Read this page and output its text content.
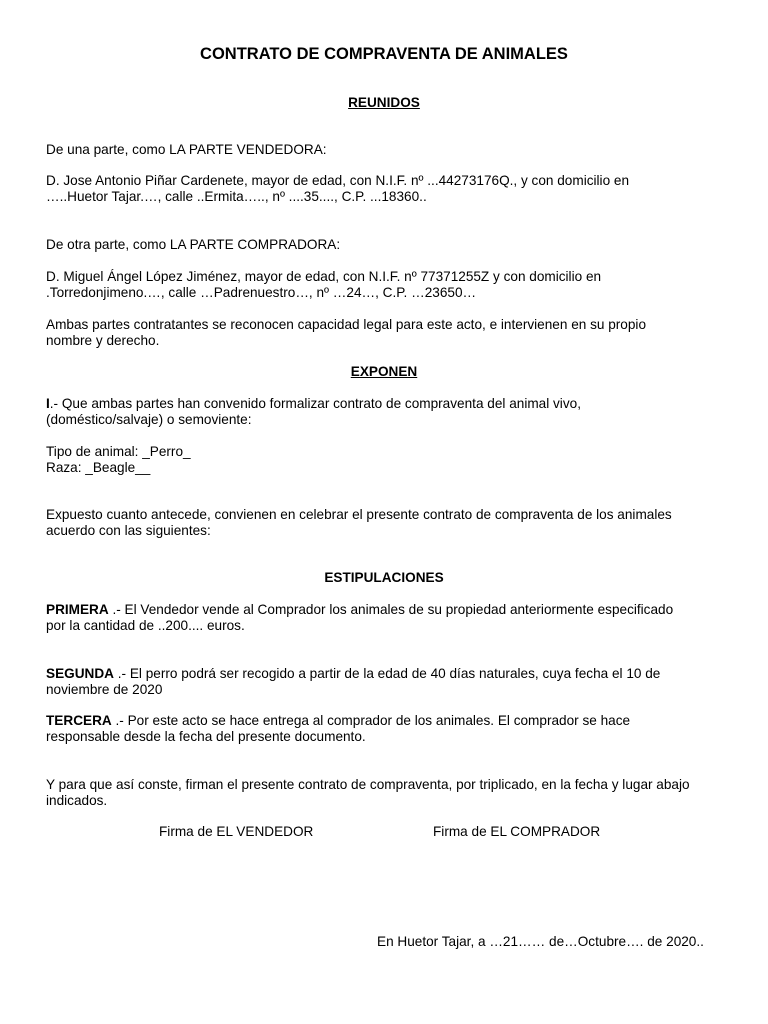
CONTRATO DE COMPRAVENTA DE ANIMALES
REUNIDOS
De una parte, como LA PARTE VENDEDORA:
D. Jose Antonio Piñar Cardenete, mayor de edad, con N.I.F. nº ...44273176Q., y con domicilio en
…..Huetor Tajar.…, calle ..Ermita….., nº ....35...., C.P. ...18360..
De otra parte, como LA PARTE COMPRADORA:
D. Miguel Ángel López Jiménez, mayor de edad, con N.I.F. nº 77371255Z y con domicilio en
.Torredonjimeno.…, calle …Padrenuestro…, nº …24…, C.P. …23650…
Ambas partes contratantes se reconocen capacidad legal para este acto, e intervienen en su propio
nombre y derecho.
EXPONEN
I.- Que ambas partes han convenido formalizar contrato de compraventa del animal vivo,
(doméstico/salvaje) o semoviente:
Tipo de animal: _Perro_
Raza: _Beagle__
Expuesto cuanto antecede, convienen en celebrar el presente contrato de compraventa de los animales
acuerdo con las siguientes:
ESTIPULACIONES
PRIMERA .- El Vendedor vende al Comprador los animales de su propiedad anteriormente especificado
por la cantidad de ..200.... euros.
SEGUNDA .- El perro podrá ser recogido a partir de la edad de 40 días naturales, cuya fecha el 10 de
noviembre de 2020
TERCERA .- Por este acto se hace entrega al comprador de los animales. El comprador se hace
responsable desde la fecha del presente documento.
Y para que así conste, firman el presente contrato de compraventa, por triplicado, en la fecha y lugar abajo
indicados.
Firma de EL VENDEDOR	Firma de EL COMPRADOR
En Huetor Tajar, a …21…… de…Octubre…. de 2020..
